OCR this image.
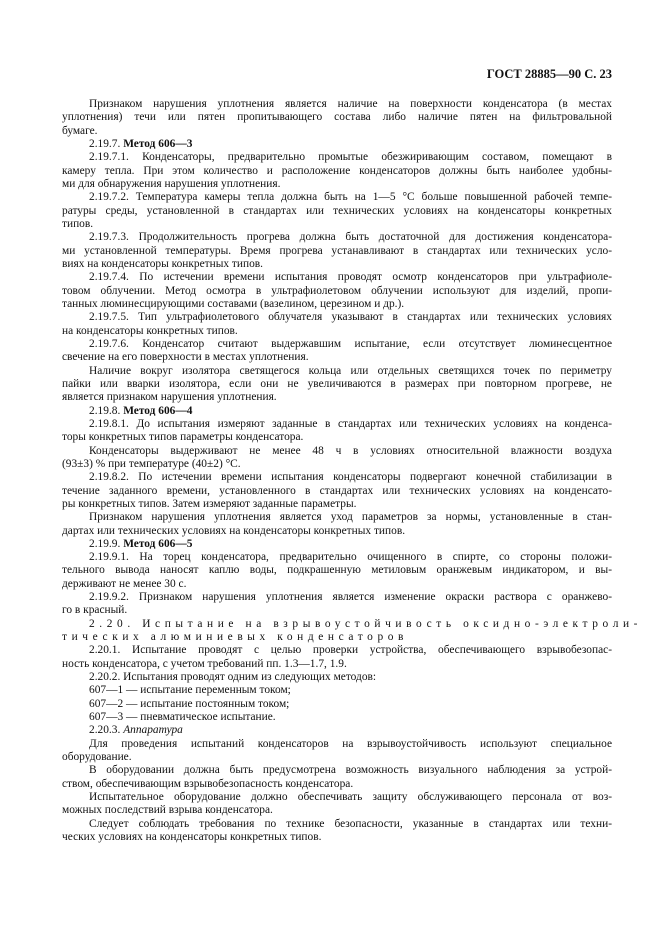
ГОСТ 28885—90 С. 23
Признаком нарушения уплотнения является наличие на поверхности конденсатора (в местах
уплотнения) течи или пятен пропитывающего состава либо наличие пятен на фильтровальной
бумаге.
2.19.7. Метод 606—3
2.19.7.1. Конденсаторы, предварительно промытые обезжиривающим составом, помещают в
камеру тепла. При этом количество и расположение конденсаторов должны быть наиболее удобны-
ми для обнаружения нарушения уплотнения.
2.19.7.2. Температура камеры тепла должна быть на 1—5 °С больше повышенной рабочей темпе-
ратуры среды, установленной в стандартах или технических условиях на конденсаторы конкретных
типов.
2.19.7.3. Продолжительность прогрева должна быть достаточной для достижения конденсатора-
ми установленной температуры. Время прогрева устанавливают в стандартах или технических усло-
виях на конденсаторы конкретных типов.
2.19.7.4. По истечении времени испытания проводят осмотр конденсаторов при ультрафиоле-
товом облучении. Метод осмотра в ультрафиолетовом облучении используют для изделий, пропи-
танных люминесцирующими составами (вазелином, церезином и др.).
2.19.7.5. Тип ультрафиолетового облучателя указывают в стандартах или технических условиях
на конденсаторы конкретных типов.
2.19.7.6. Конденсатор считают выдержавшим испытание, если отсутствует люминесцентное
свечение на его поверхности в местах уплотнения.
Наличие вокруг изолятора светящегося кольца или отдельных светящихся точек по периметру
пайки или вварки изолятора, если они не увеличиваются в размерах при повторном прогреве, не
является признаком нарушения уплотнения.
2.19.8. Метод 606—4
2.19.8.1. До испытания измеряют заданные в стандартах или технических условиях на конденса-
торы конкретных типов параметры конденсатора.
Конденсаторы выдерживают не менее 48 ч в условиях относительной влажности воздуха
(93±3) % при температуре (40±2) °С.
2.19.8.2. По истечении времени испытания конденсаторы подвергают конечной стабилизации в
течение заданного времени, установленного в стандартах или технических условиях на конденсато-
ры конкретных типов. Затем измеряют заданные параметры.
Признаком нарушения уплотнения является уход параметров за нормы, установленные в стан-
дартах или технических условиях на конденсаторы конкретных типов.
2.19.9. Метод 606—5
2.19.9.1. На торец конденсатора, предварительно очищенного в спирте, со стороны положи-
тельного вывода наносят каплю воды, подкрашенную метиловым оранжевым индикатором, и вы-
держивают не менее 30 с.
2.19.9.2. Признаком нарушения уплотнения является изменение окраски раствора с оранжево-
го в красный.
2.20. Испытание на взрывоустойчивость оксидно-электроли-
тических алюминиевых конденсаторов
2.20.1. Испытание проводят с целью проверки устройства, обеспечивающего взрывобезопас-
ность конденсатора, с учетом требований пп. 1.3—1.7, 1.9.
2.20.2. Испытания проводят одним из следующих методов:
607—1 — испытание переменным током;
607—2 — испытание постоянным током;
607—3 — пневматическое испытание.
2.20.3. Аппаратура
Для проведения испытаний конденсаторов на взрывоустойчивость используют специальное
оборудование.
В оборудовании должна быть предусмотрена возможность визуального наблюдения за устрой-
ством, обеспечивающим взрывобезопасность конденсатора.
Испытательное оборудование должно обеспечивать защиту обслуживающего персонала от воз-
можных последствий взрыва конденсатора.
Следует соблюдать требования по технике безопасности, указанные в стандартах или техни-
ческих условиях на конденсаторы конкретных типов.
